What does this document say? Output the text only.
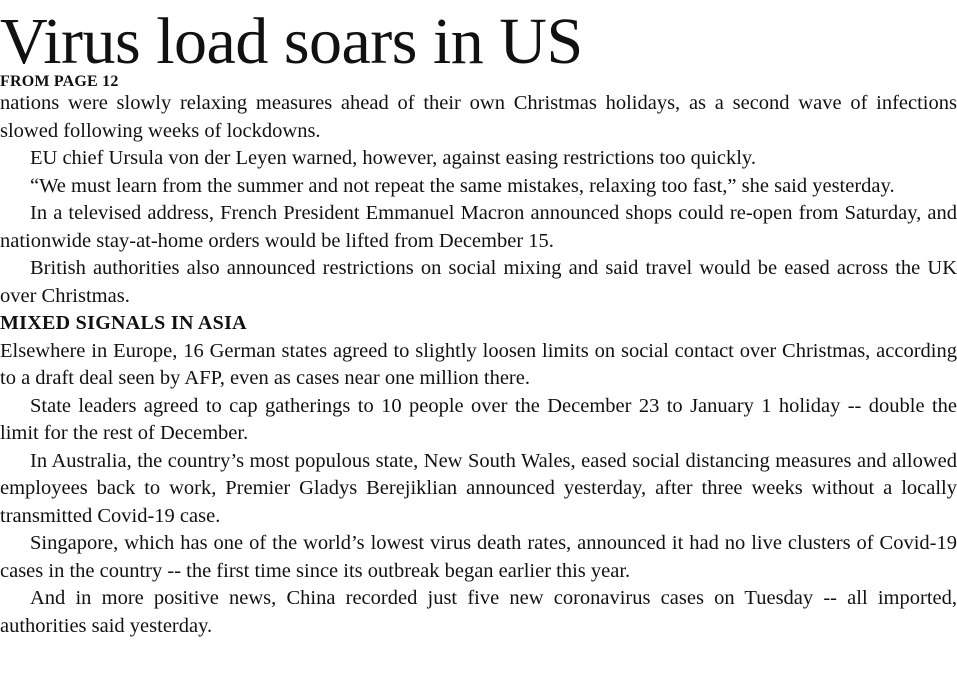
Virus load soars in US
FROM PAGE 12

nations were slowly relaxing measures ahead of their own Christmas holidays, as a second wave of infections slowed following weeks of lockdowns.

EU chief Ursula von der Leyen warned, however, against easing restrictions too quickly.

“We must learn from the summer and not repeat the same mistakes, relaxing too fast,” she said yesterday.

In a televised address, French President Emmanuel Macron announced shops could re-open from Saturday, and nationwide stay-at-home orders would be lifted from December 15.

British authorities also announced restrictions on social mixing and said travel would be eased across the UK over Christmas.

MIXED SIGNALS IN ASIA

Elsewhere in Europe, 16 German states agreed to slightly loosen limits on social contact over Christmas, according to a draft deal seen by AFP, even as cases near one million there.

State leaders agreed to cap gatherings to 10 people over the December 23 to January 1 holiday -- double the limit for the rest of December.

In Australia, the country’s most populous state, New South Wales, eased social distancing measures and allowed employees back to work, Premier Gladys Berejiklian announced yesterday, after three weeks without a locally transmitted Covid-19 case.

Singapore, which has one of the world’s lowest virus death rates, announced it had no live clusters of Covid-19 cases in the country -- the first time since its outbreak began earlier this year.

And in more positive news, China recorded just five new coronavirus cases on Tuesday -- all imported, authorities said yesterday.
